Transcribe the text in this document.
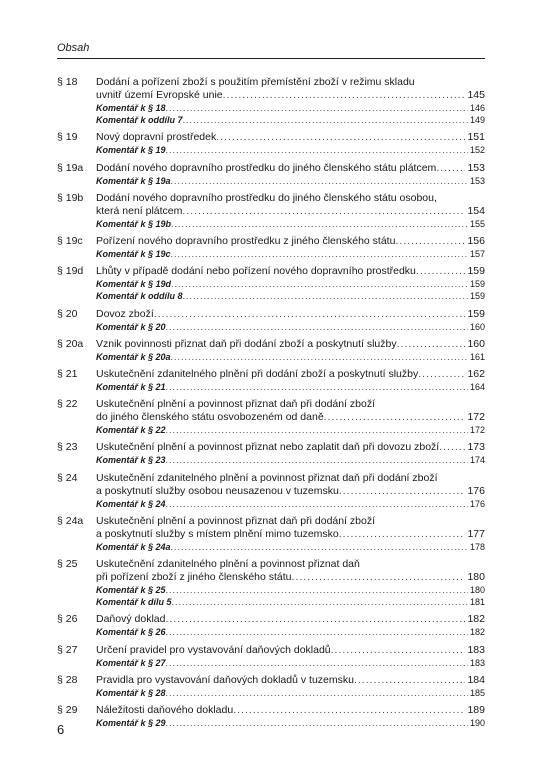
Obsah
§ 18 Dodání a pořízení zboží s použitím přemístění zboží v režimu skladu
uvnitř území Evropské unie .....	145
Komentář k § 18 .....	146
Komentář k oddílu 7 .....	149
§ 19 Nový dopravní prostředek .....	151
Komentář k § 19 .....	152
§ 19a Dodání nového dopravního prostředku do jiného členského státu plátcem .....	153
Komentář k § 19a .....	153
§ 19b Dodání nového dopravního prostředku do jiného členského státu osobou,
která není plátcem .....	154
Komentář k § 19b .....	155
§ 19c Pořízení nového dopravního prostředku z jiného členského státu .....	156
Komentář k § 19c .....	157
§ 19d Lhůty v případě dodání nebo pořízení nového dopravního prostředku .....	159
Komentář k § 19d .....	159
Komentář k oddílu 8 .....	159
§ 20 Dovoz zboží .....	159
Komentář k § 20 .....	160
§ 20a Vznik povinnosti přiznat daň při dodání zboží a poskytnutí služby .....	160
Komentář k § 20a .....	161
§ 21 Uskutečnění zdanitelného plnění při dodání zboží a poskytnutí služby .....	162
Komentář k § 21 .....	164
§ 22 Uskutečnění plnění a povinnost přiznat daň při dodání zboží
do jiného členského státu osvobozeném od daně .....	172
Komentář k § 22 .....	172
§ 23 Uskutečnění plnění a povinnost přiznat nebo zaplatit daň při dovozu zboží .....	173
Komentář k § 23 .....	174
§ 24 Uskutečnění zdanitelného plnění a povinnost přiznat daň při dodání zboží
a poskytnutí služby osobou neusazenou v tuzemsku .....	176
Komentář k § 24 .....	176
§ 24a Uskutečnění plnění a povinnost přiznat daň při dodání zboží
a poskytnutí služby s místem plnění mimo tuzemsko .....	177
Komentář k § 24a .....	178
§ 25 Uskutečnění zdanitelného plnění a povinnost přiznat daň
při pořízení zboží z jiného členského státu .....	180
Komentář k § 25 .....	180
Komentář k dílu 5 .....	181
§ 26 Daňový doklad .....	182
Komentář k § 26 .....	182
§ 27 Určení pravidel pro vystavování daňových dokladů .....	183
Komentář k § 27 .....	183
§ 28 Pravidla pro vystavování daňových dokladů v tuzemsku .....	184
Komentář k § 28 .....	185
§ 29 Náležitosti daňového dokladu .....	189
Komentář k § 29 .....	190
6
